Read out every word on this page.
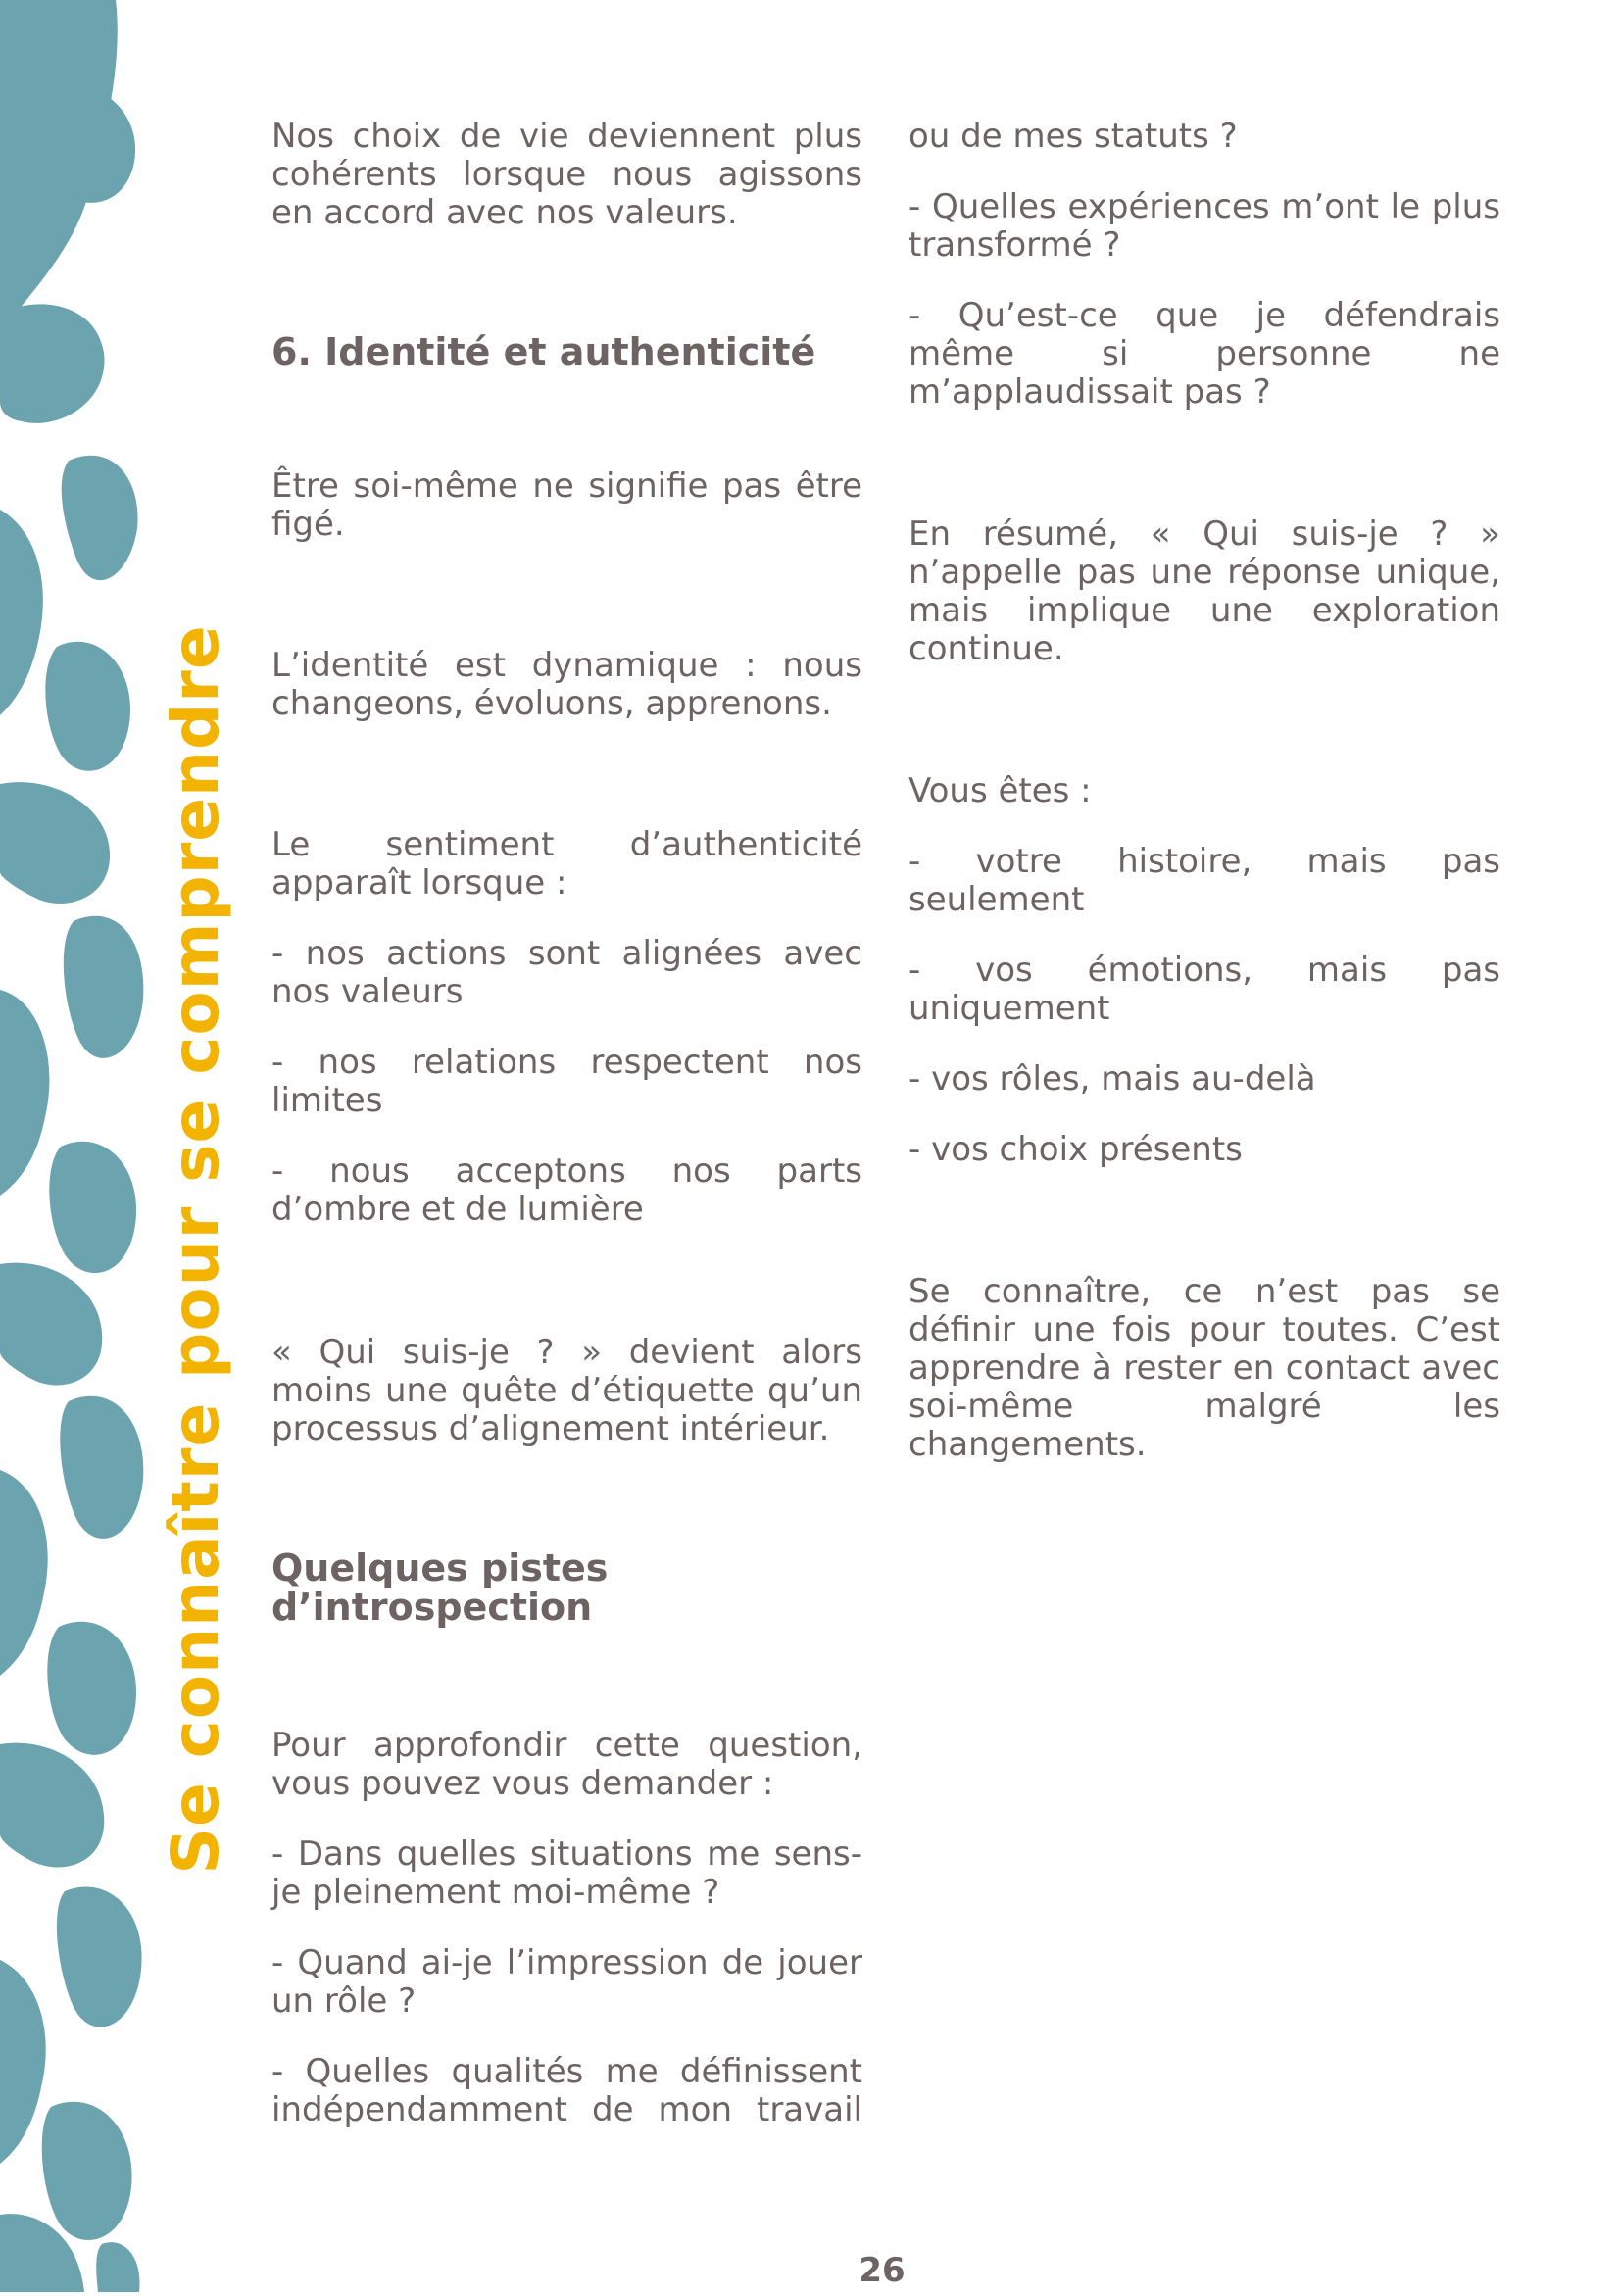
Se connaître pour se comprendre

Nos choix de vie deviennent plus cohérents lorsque nous agissons en accord avec nos valeurs.

6. Identité et authenticité

Être soi-même ne signifie pas être figé.

L’identité est dynamique : nous changeons, évoluons, apprenons.

Le sentiment d’authenticité apparaît lorsque :

- nos actions sont alignées avec nos valeurs

- nos relations respectent nos limites

- nous acceptons nos parts d’ombre et de lumière

« Qui suis-je ? » devient alors moins une quête d’étiquette qu’un processus d’alignement intérieur.

Quelques pistes d’introspection

Pour approfondir cette question, vous pouvez vous demander :

- Dans quelles situations me sens-je pleinement moi-même ?

- Quand ai-je l’impression de jouer un rôle ?

- Quelles qualités me définissent indépendamment de mon travail

ou de mes statuts ?

- Quelles expériences m’ont le plus transformé ?

- Qu’est-ce que je défendrais même si personne ne m’applaudissait pas ?

En résumé, « Qui suis-je ? » n’appelle pas une réponse unique, mais implique une exploration continue.

Vous êtes :

- votre histoire, mais pas seulement

- vos émotions, mais pas uniquement

- vos rôles, mais au-delà

- vos choix présents

Se connaître, ce n’est pas se définir une fois pour toutes. C’est apprendre à rester en contact avec soi-même malgré les changements.

26
